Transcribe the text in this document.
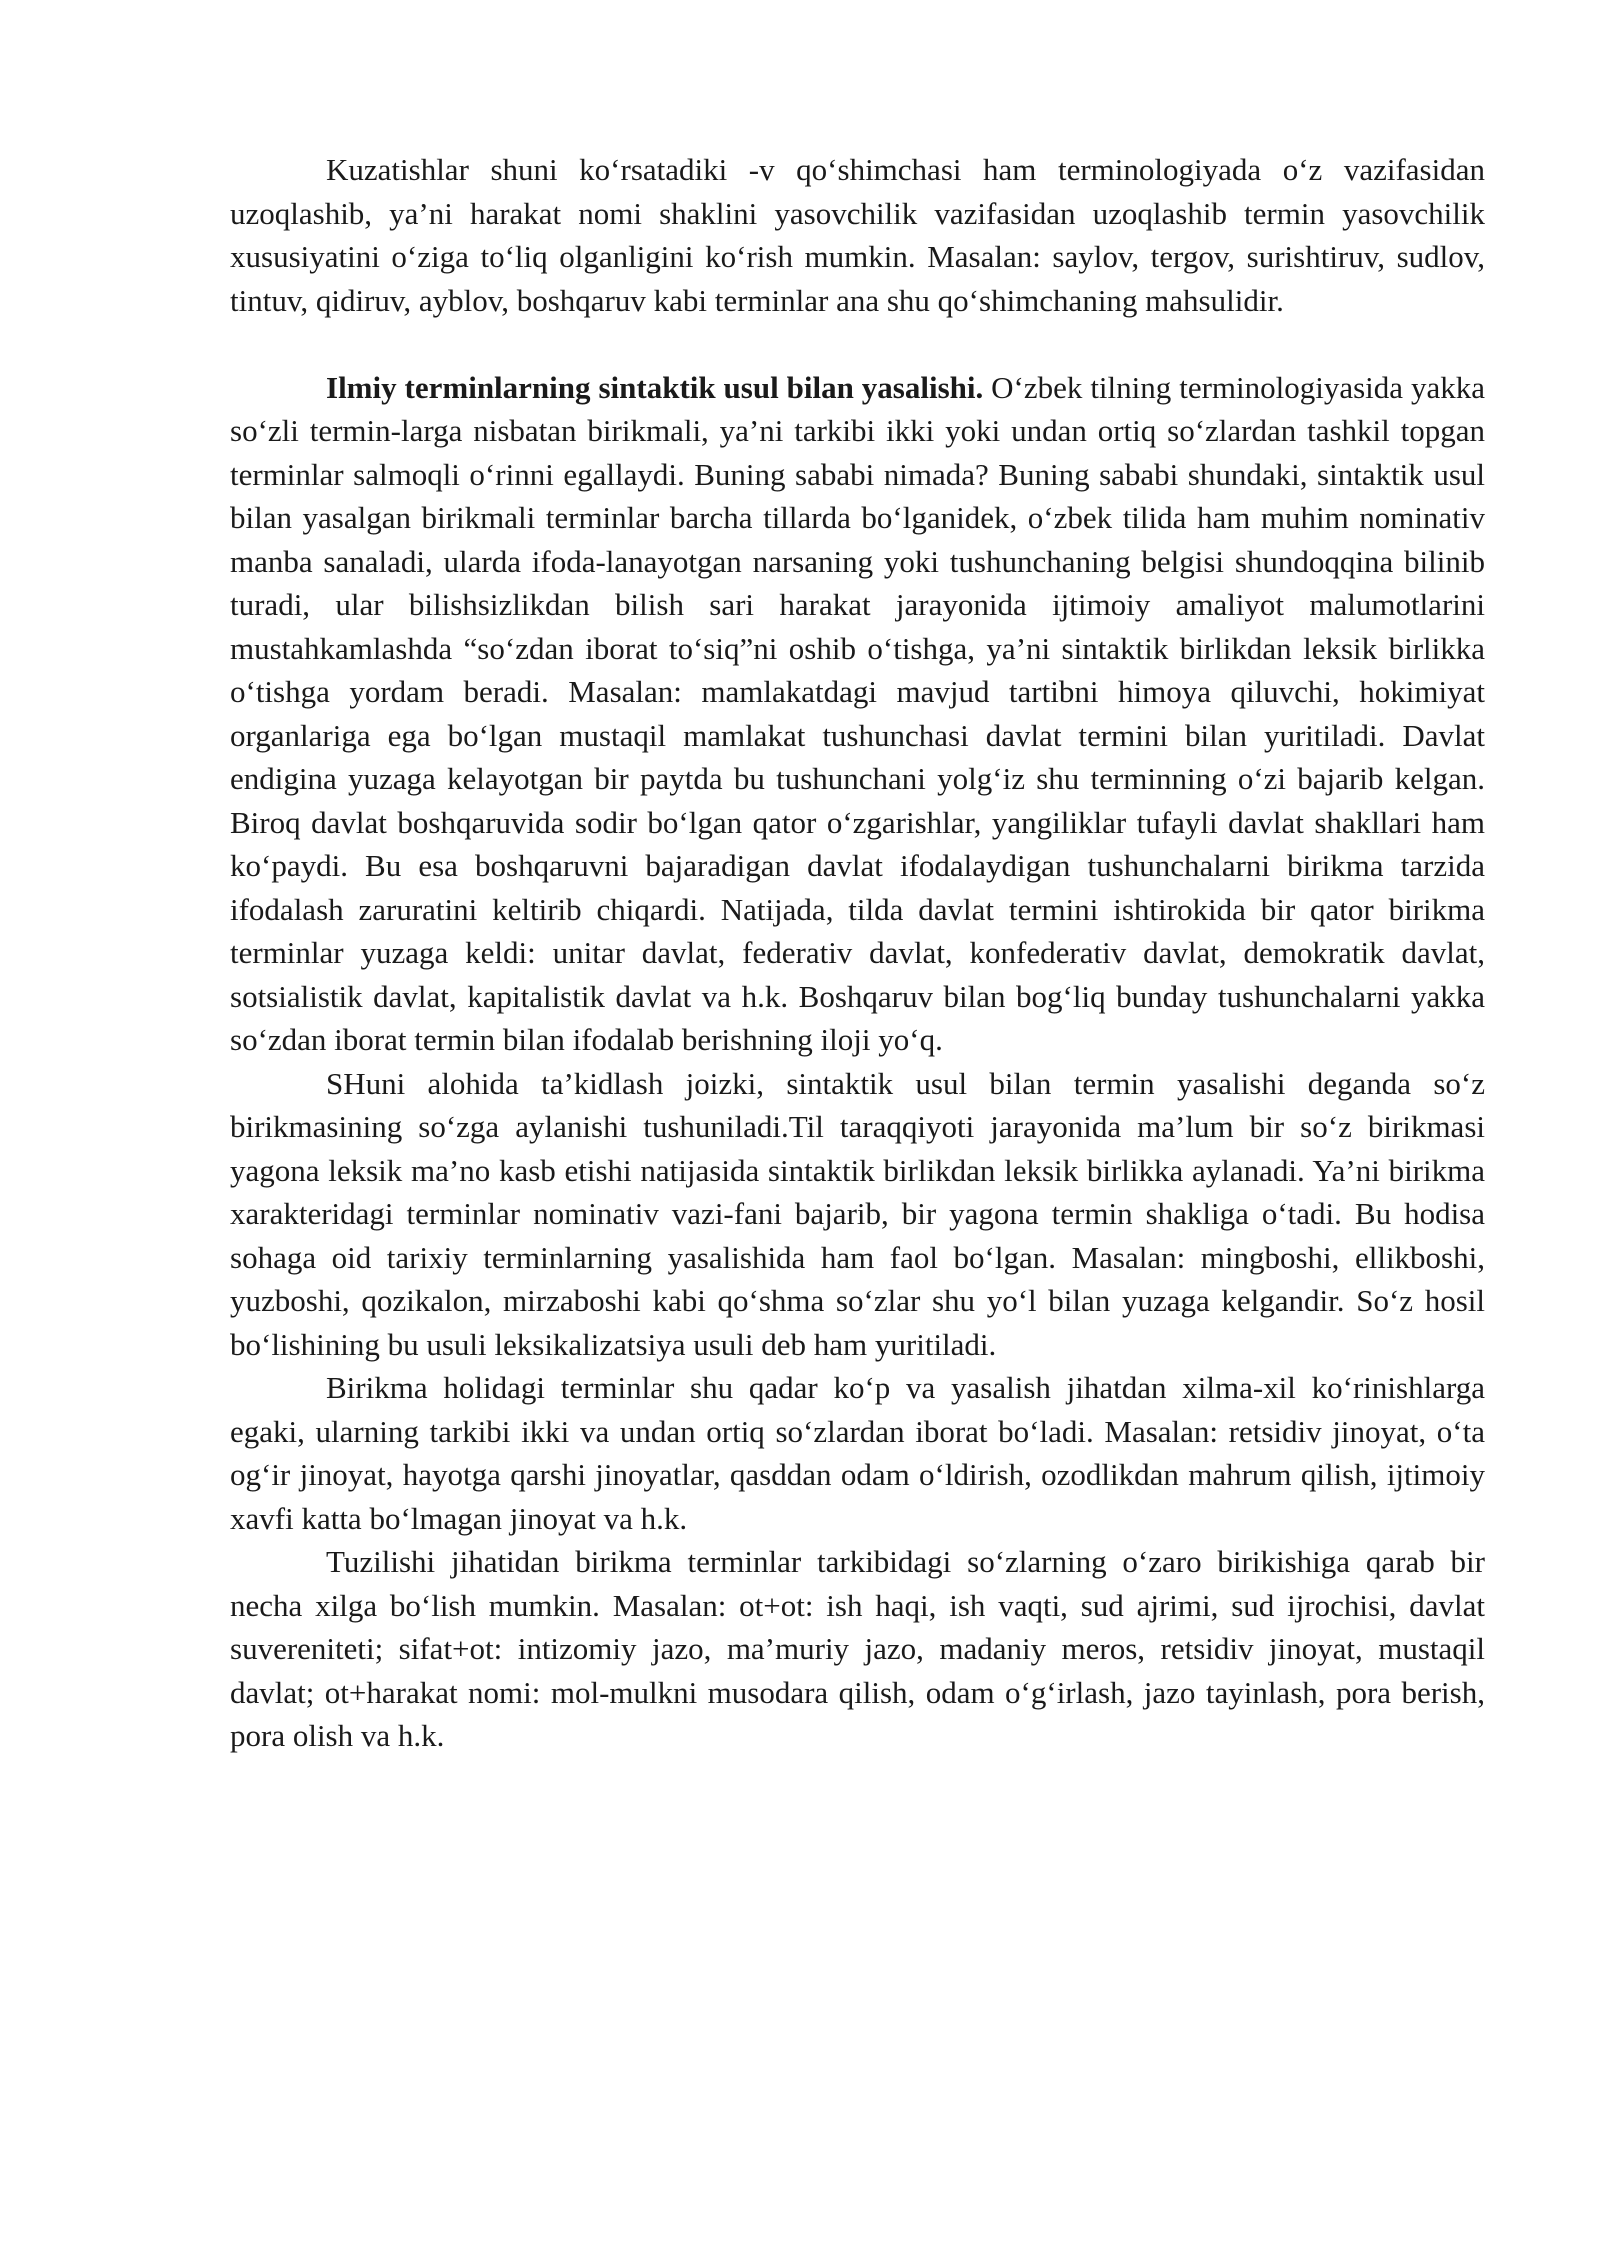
Kuzatishlar shuni ko‘rsatadiki -v qo‘shimchasi ham terminologiyada o‘z vazifasidan uzoqlashib, ya’ni harakat nomi shaklini yasovchilik vazifasidan uzoqlashib termin yasovchilik xususiyatini o‘ziga to‘liq olganligini ko‘rish mumkin. Masalan: saylov, tergov, surishtiruv, sudlov, tintuv, qidiruv, ayblov, boshqaruv kabi terminlar ana shu qo‘shimchaning mahsulidir.

Ilmiy terminlarning sintaktik usul bilan yasalishi. O‘zbek tilning terminologiyasida yakka so‘zli termin-larga nisbatan birikmali, ya’ni tarkibi ikki yoki undan ortiq so‘zlardan tashkil topgan terminlar salmoqli o‘rinni egallaydi. Buning sababi nimada? Buning sababi shundaki, sintaktik usul bilan yasalgan birikmali terminlar barcha tillarda bo‘lganidek, o‘zbek tilida ham muhim nominativ manba sanaladi, ularda ifoda-lanayotgan narsaning yoki tushunchaning belgisi shundoqqina bilinib turadi, ular bilishsizlikdan bilish sari harakat jarayonida ijtimoiy amaliyot malumotlarini mustahkamlashda “so‘zdan iborat to‘siq”ni oshib o‘tishga, ya’ni sintaktik birlikdan leksik birlikka o‘tishga yordam beradi. Masalan: mamlakatdagi mavjud tartibni himoya qiluvchi, hokimiyat organlariga ega bo‘lgan mustaqil mamlakat tushunchasi davlat termini bilan yuritiladi. Davlat endigina yuzaga kelayotgan bir paytda bu tushunchani yolg‘iz shu terminning o‘zi bajarib kelgan. Biroq davlat boshqaruvida sodir bo‘lgan qator o‘zgarishlar, yangiliklar tufayli davlat shakllari ham ko‘paydi. Bu esa boshqaruvni bajaradigan davlat ifodalaydigan tushunchalarni birikma tarzida ifodalash zaruratini keltirib chiqardi. Natijada, tilda davlat termini ishtirokida bir qator birikma terminlar yuzaga keldi: unitar davlat, federativ davlat, konfederativ davlat, demokratik davlat, sotsialistik davlat, kapitalistik davlat va h.k. Boshqaruv bilan bog‘liq bunday tushunchalarni yakka so‘zdan iborat termin bilan ifodalab berishning iloji yo‘q.

SHuni alohida ta’kidlash joizki, sintaktik usul bilan termin yasalishi deganda so‘z birikmasining so‘zga aylanishi tushuniladi.Til taraqqiyoti jarayonida ma’lum bir so‘z birikmasi yagona leksik ma’no kasb etishi natijasida sintaktik birlikdan leksik birlikka aylanadi. Ya’ni birikma xarakteridagi terminlar nominativ vazi-fani bajarib, bir yagona termin shakliga o‘tadi. Bu hodisa sohaga oid tarixiy terminlarning yasalishida ham faol bo‘lgan. Masalan: mingboshi, ellikboshi, yuzboshi, qozikalon, mirzaboshi kabi qo‘shma so‘zlar shu yo‘l bilan yuzaga kelgandir. So‘z hosil bo‘lishining bu usuli leksikalizatsiya usuli deb ham yuritiladi.

Birikma holidagi terminlar shu qadar ko‘p va yasalish jihatdan xilma-xil ko‘rinishlarga egaki, ularning tarkibi ikki va undan ortiq so‘zlardan iborat bo‘ladi. Masalan: retsidiv jinoyat, o‘ta og‘ir jinoyat, hayotga qarshi jinoyatlar, qasddan odam o‘ldirish, ozodlikdan mahrum qilish, ijtimoiy xavfi katta bo‘lmagan jinoyat va h.k.

Tuzilishi jihatidan birikma terminlar tarkibidagi so‘zlarning o‘zaro birikishiga qarab bir necha xilga bo‘lish mumkin. Masalan: ot+ot: ish haqi, ish vaqti, sud ajrimi, sud ijrochisi, davlat suvereniteti; sifat+ot: intizomiy jazo, ma’muriy jazo, madaniy meros, retsidiv jinoyat, mustaqil davlat; ot+harakat nomi: mol-mulkni musodara qilish, odam o‘g‘irlash, jazo tayinlash, pora berish, pora olish va h.k.
